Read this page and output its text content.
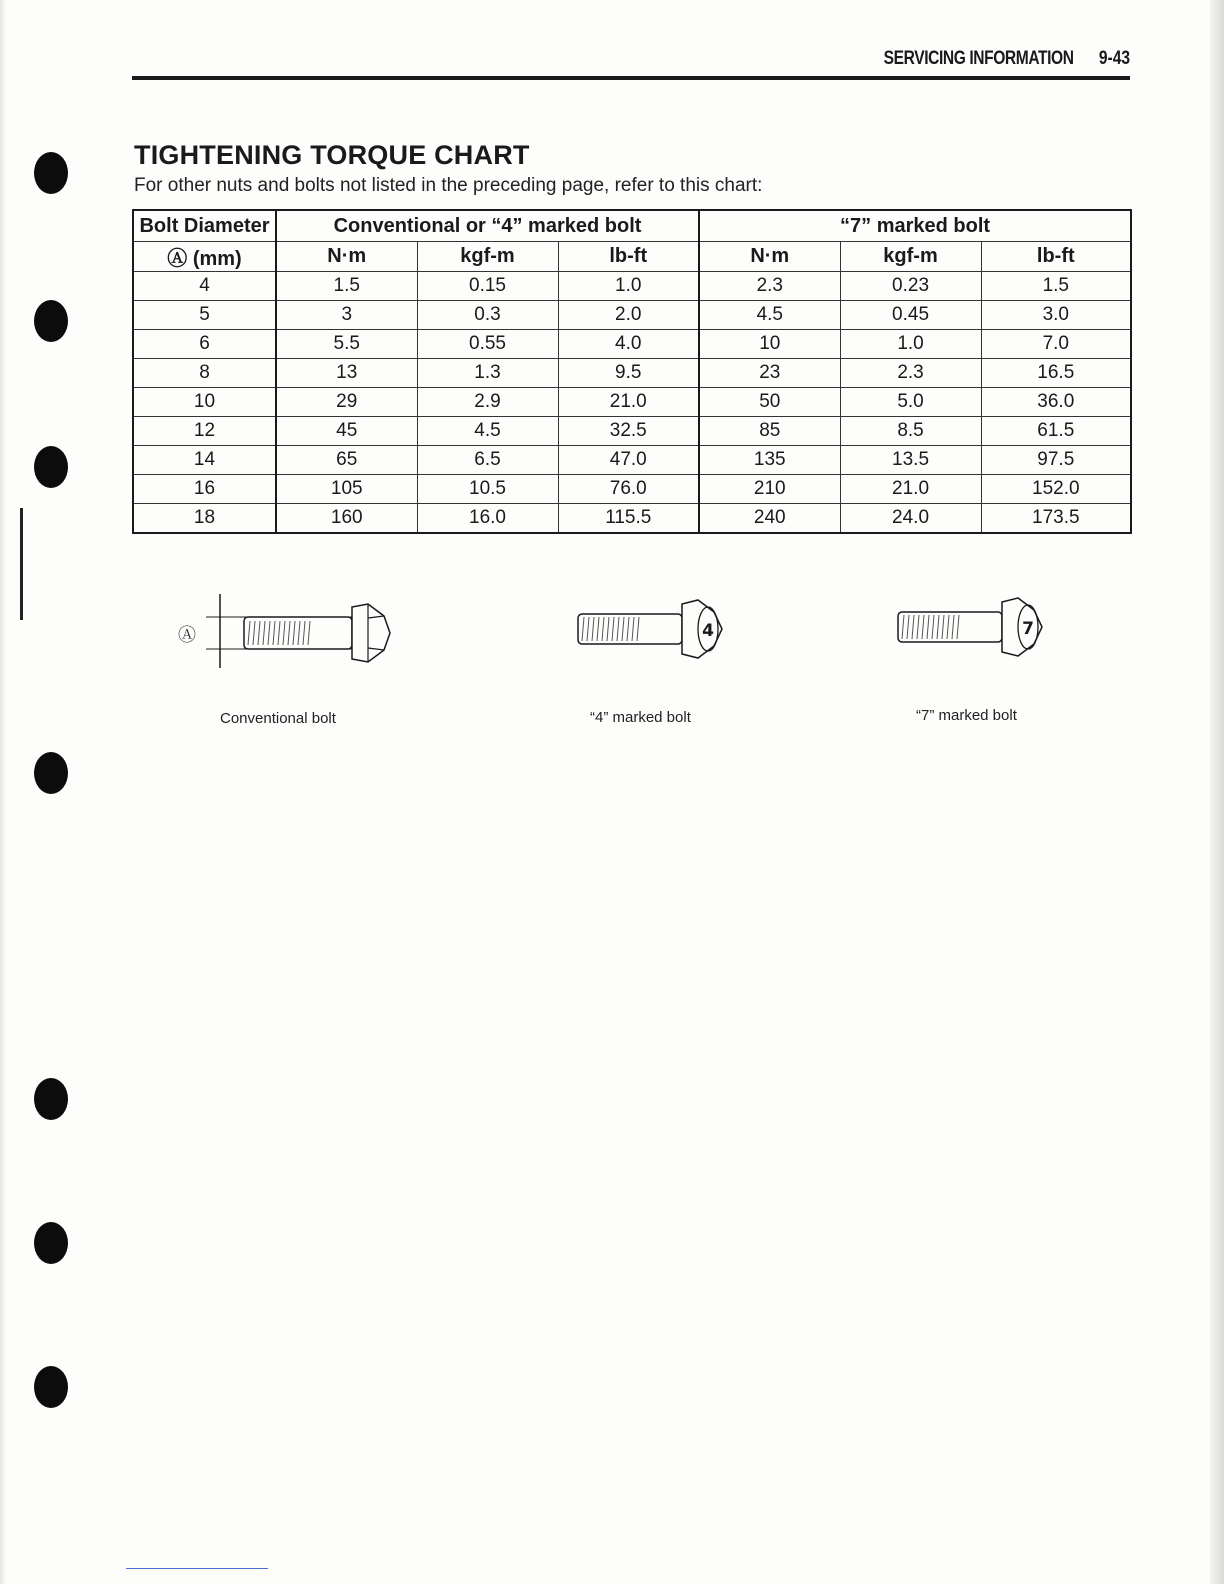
SERVICING INFORMATION 9-43
TIGHTENING TORQUE CHART
For other nuts and bolts not listed in the preceding page, refer to this chart:
Bolt Diameter	Conventional or “4” marked bolt			“7” marked bolt		
Ⓐ (mm)	N·m	kgf-m	lb-ft	N·m	kgf-m	lb-ft
4	1.5	0.15	1.0	2.3	0.23	1.5
5	3	0.3	2.0	4.5	0.45	3.0
6	5.5	0.55	4.0	10	1.0	7.0
8	13	1.3	9.5	23	2.3	16.5
10	29	2.9	21.0	50	5.0	36.0
12	45	4.5	32.5	85	8.5	61.5
14	65	6.5	47.0	135	13.5	97.5
16	105	10.5	76.0	210	21.0	152.0
18	160	16.0	115.5	240	24.0	173.5
Ⓐ
Conventional bolt
4
“4” marked bolt
7
“7” marked bolt
